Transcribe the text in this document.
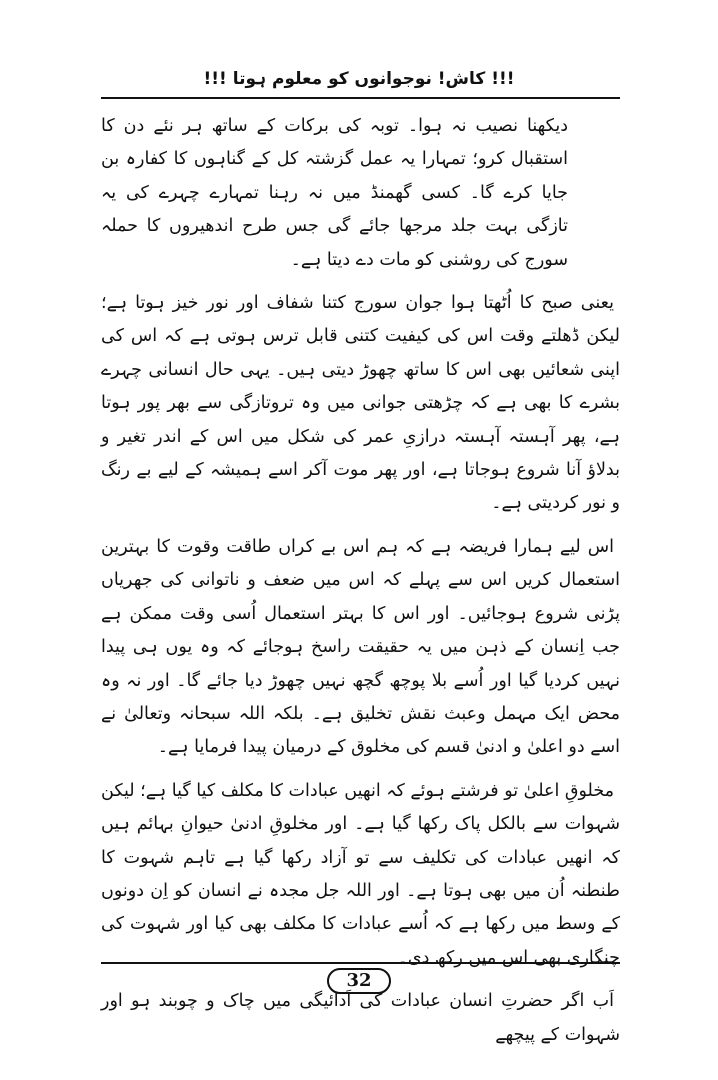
!!! کاش! نوجوانوں کو معلوم ہوتا !!!

دیکھنا نصیب نہ ہوا۔ توبہ کی برکات کے ساتھ ہر نئے دن کا استقبال کرو؛ تمہارا یہ عمل گزشتہ کل کے گناہوں کا کفارہ بن جایا کرے گا۔ کسی گھمنڈ میں نہ رہنا تمہارے چہرے کی یہ تازگی بہت جلد مرجھا جائے گی جس طرح اندھیروں کا حملہ سورج کی روشنی کو مات دے دیتا ہے۔

یعنی صبح کا اُٹھتا ہوا جوان سورج کتنا شفاف اور نور خیز ہوتا ہے؛ لیکن ڈھلتے وقت اس کی کیفیت کتنی قابل ترس ہوتی ہے کہ اس کی اپنی شعائیں بھی اس کا ساتھ چھوڑ دیتی ہیں۔ یہی حال انسانی چہرے بشرے کا بھی ہے کہ چڑھتی جوانی میں وہ تروتازگی سے بھر پور ہوتا ہے، پھر آہستہ آہستہ درازیِ عمر کی شکل میں اس کے اندر تغیر و بدلاؤ آنا شروع ہوجاتا ہے، اور پھر موت آکر اسے ہمیشہ کے لیے بے رنگ و نور کردیتی ہے۔

اس لیے ہمارا فریضہ ہے کہ ہم اس بے کراں طاقت وقوت کا بہترین استعمال کریں اس سے پہلے کہ اس میں ضعف و ناتوانی کی جھریاں پڑنی شروع ہوجائیں۔ اور اس کا بہتر استعمال اُسی وقت ممکن ہے جب اِنسان کے ذہن میں یہ حقیقت راسخ ہوجائے کہ وہ یوں ہی پیدا نہیں کردیا گیا اور اُسے بلا پوچھ گچھ نہیں چھوڑ دیا جائے گا۔ اور نہ وہ محض ایک مہمل وعبث نقش تخلیق ہے۔ بلکہ اللہ سبحانہ وتعالیٰ نے اسے دو اعلیٰ و ادنیٰ قسم کی مخلوق کے درمیان پیدا فرمایا ہے۔

مخلوقِ اعلیٰ تو فرشتے ہوئے کہ انھیں عبادات کا مکلف کیا گیا ہے؛ لیکن شہوات سے بالکل پاک رکھا گیا ہے۔ اور مخلوقِ ادنیٰ حیوانِ بہائم ہیں کہ انھیں عبادات کی تکلیف سے تو آزاد رکھا گیا ہے تاہم شہوت کا طنطنہ اُن میں بھی ہوتا ہے۔ اور اللہ جل مجدہ نے انسان کو اِن دونوں کے وسط میں رکھا ہے کہ اُسے عبادات کا مکلف بھی کیا اور شہوت کی چنگاری بھی اس میں رکھ دی۔

اَب اگر حضرتِ انسان عبادات کی اَدائیگی میں چاک و چوبند ہو اور شہوات کے پیچھے

32
